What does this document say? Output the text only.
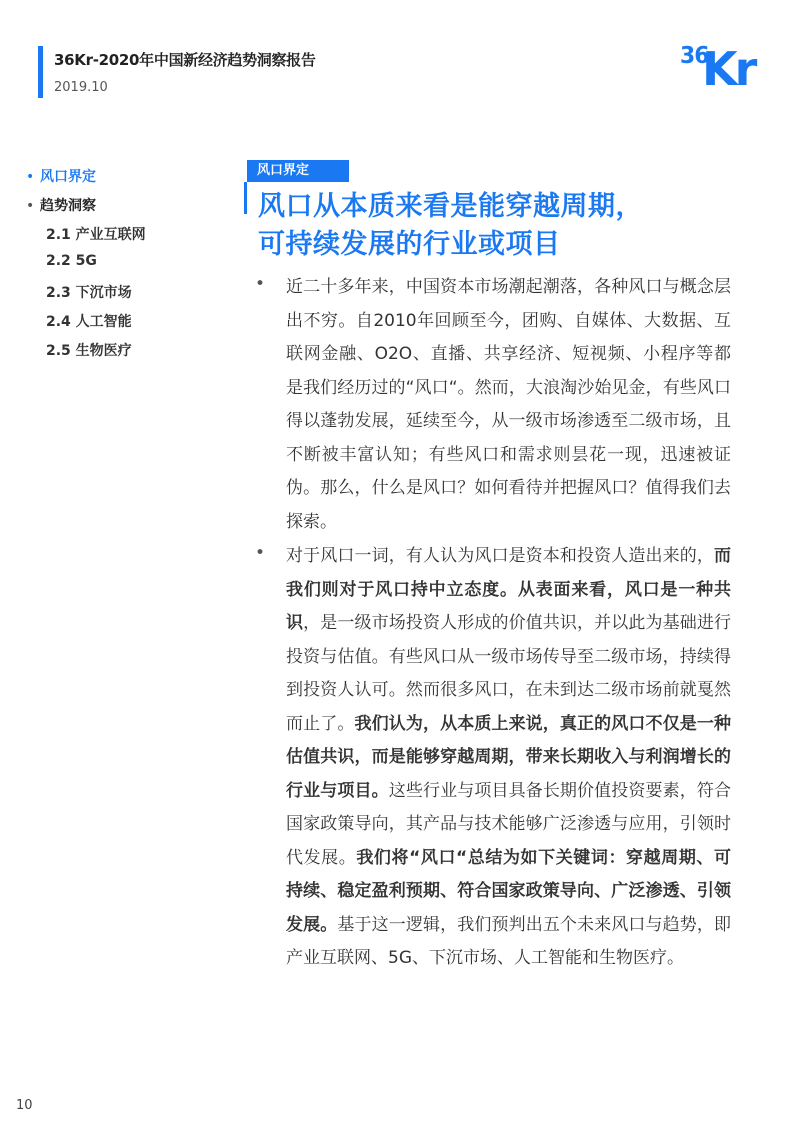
36Kr-2020年中国新经济趋势洞察报告
2019.10
36
Kr
• 风口界定
• 趋势洞察
2.1 产业互联网
2.2 5G
2.3 下沉市场
2.4 人工智能
2.5 生物医疗
风口界定
风口从本质来看是能穿越周期，
可持续发展的行业或项目
• 近二十多年来，中国资本市场潮起潮落，各种风口与概念层出不穷。自2010年回顾至今，团购、自媒体、大数据、互联网金融、O2O、直播、共享经济、短视频、小程序等都是我们经历过的“风口“。然而，大浪淘沙始见金，有些风口得以蓬勃发展，延续至今，从一级市场渗透至二级市场，且不断被丰富认知；有些风口和需求则昙花一现，迅速被证伪。那么，什么是风口？如何看待并把握风口？值得我们去探索。
• 对于风口一词，有人认为风口是资本和投资人造出来的，而我们则对于风口持中立态度。从表面来看，风口是一种共识，是一级市场投资人形成的价值共识，并以此为基础进行投资与估值。有些风口从一级市场传导至二级市场，持续得到投资人认可。然而很多风口，在未到达二级市场前就戛然而止了。我们认为，从本质上来说，真正的风口不仅是一种估值共识，而是能够穿越周期，带来长期收入与利润增长的行业与项目。这些行业与项目具备长期价值投资要素，符合国家政策导向，其产品与技术能够广泛渗透与应用，引领时代发展。我们将“风口“总结为如下关键词：穿越周期、可持续、稳定盈利预期、符合国家政策导向、广泛渗透、引领发展。基于这一逻辑，我们预判出五个未来风口与趋势，即产业互联网、5G、下沉市场、人工智能和生物医疗。
10
